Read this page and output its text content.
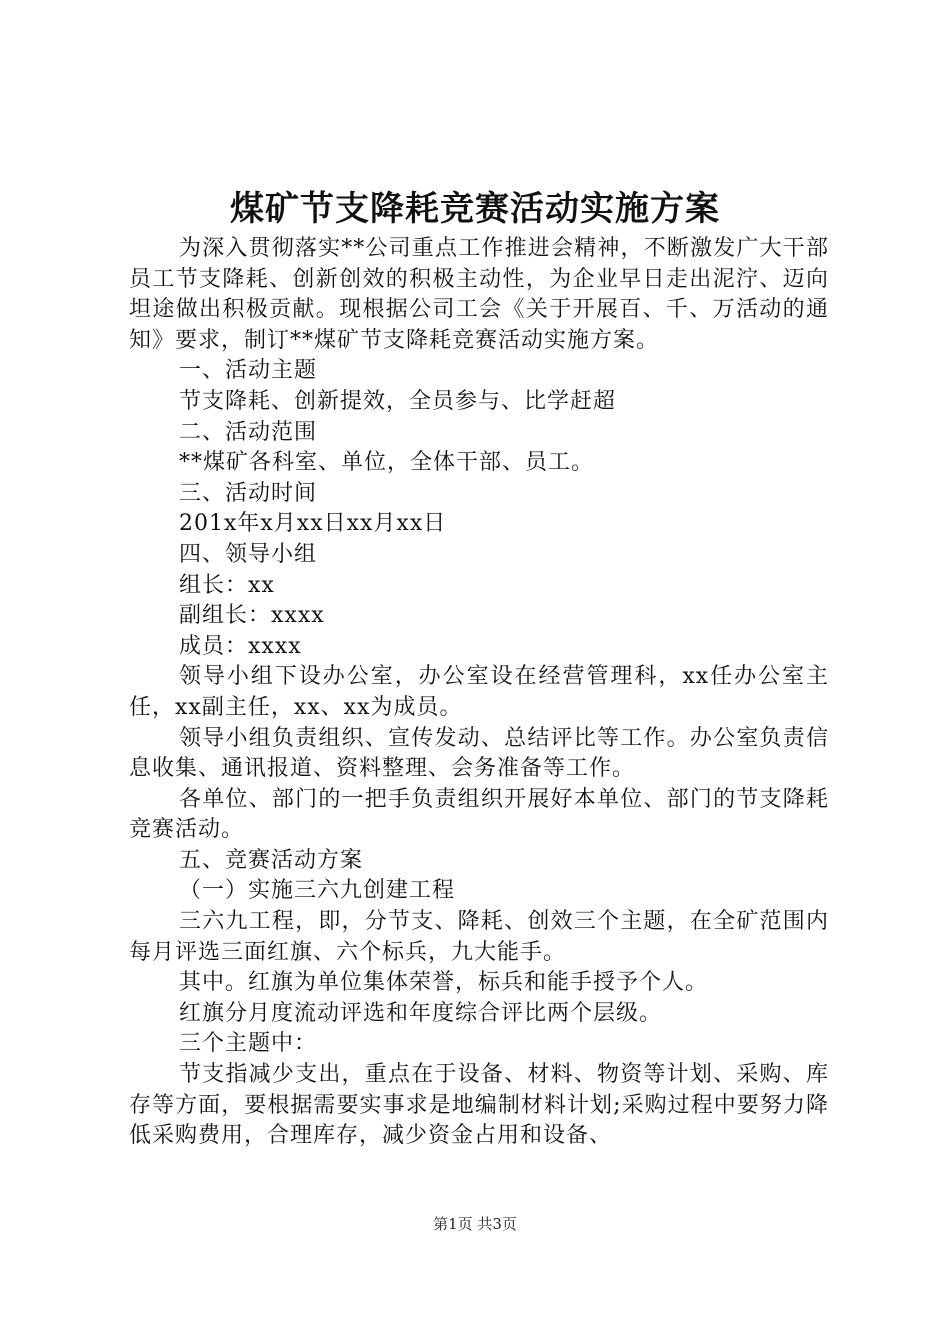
煤矿节支降耗竞赛活动实施方案

为深入贯彻落实**公司重点工作推进会精神，不断激发广大干部员工节支降耗、创新创效的积极主动性，为企业早日走出泥泞、迈向坦途做出积极贡献。现根据公司工会《关于开展百、千、万活动的通知》要求，制订**煤矿节支降耗竞赛活动实施方案。

一、活动主题

节支降耗、创新提效，全员参与、比学赶超

二、活动范围

**煤矿各科室、单位，全体干部、员工。

三、活动时间

201x年x月xx日xx月xx日

四、领导小组

组长：xx

副组长：xxxx

成员：xxxx

领导小组下设办公室，办公室设在经营管理科，xx任办公室主任，xx副主任，xx、xx为成员。

领导小组负责组织、宣传发动、总结评比等工作。办公室负责信息收集、通讯报道、资料整理、会务准备等工作。

各单位、部门的一把手负责组织开展好本单位、部门的节支降耗竞赛活动。

五、竞赛活动方案

（一）实施三六九创建工程

三六九工程，即，分节支、降耗、创效三个主题，在全矿范围内每月评选三面红旗、六个标兵，九大能手。

其中。红旗为单位集体荣誉，标兵和能手授予个人。

红旗分月度流动评选和年度综合评比两个层级。

三个主题中：

节支指减少支出，重点在于设备、材料、物资等计划、采购、库存等方面，要根据需要实事求是地编制材料计划;采购过程中要努力降低采购费用，合理库存，减少资金占用和设备、

第1页 共3页
